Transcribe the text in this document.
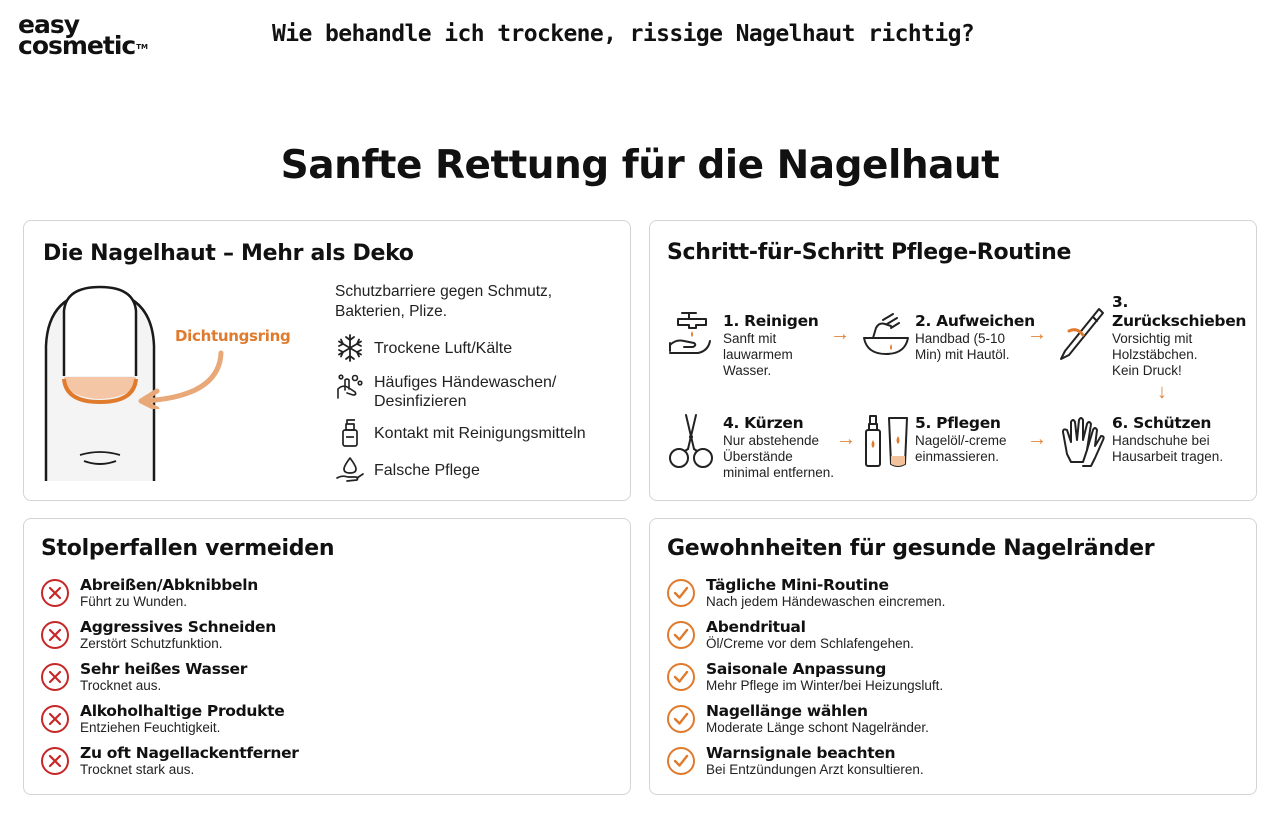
easy
cosmetic™	Wie behandle ich trockene, rissige Nagelhaut richtig?
Sanfte Rettung für die Nagelhaut
Die Nagelhaut – Mehr als Deko
Dichtungsring
Schutzbarriere gegen Schmutz, Bakterien, Plize.
Trockene Luft/Kälte
Häufiges Händewaschen/ Desinfizieren
Kontakt mit Reinigungsmitteln
Falsche Pflege
Schritt-für-Schritt Pflege-Routine
1. Reinigen
Sanft mit
lauwarmem
Wasser.
→
2. Aufweichen
Handbad (5-10
Min) mit Hautöl.
→
3.
Zurückschieben
Vorsichtig mit
Holzstäbchen.
Kein Druck!
↓
4. Kürzen
Nur abstehende
Überstände
minimal entfernen.
→
5. Pflegen
Nagelöl/-creme
einmassieren.
→
6. Schützen
Handschuhe bei
Hausarbeit tragen.
Stolperfallen vermeiden
Abreißen/Abknibbeln
Führt zu Wunden.
Aggressives Schneiden
Zerstört Schutzfunktion.
Sehr heißes Wasser
Trocknet aus.
Alkoholhaltige Produkte
Entziehen Feuchtigkeit.
Zu oft Nagellackentferner
Trocknet stark aus.
Gewohnheiten für gesunde Nagelränder
Tägliche Mini-Routine
Nach jedem Händewaschen eincremen.
Abendritual
Öl/Creme vor dem Schlafengehen.
Saisonale Anpassung
Mehr Pflege im Winter/bei Heizungsluft.
Nagellänge wählen
Moderate Länge schont Nagelränder.
Warnsignale beachten
Bei Entzündungen Arzt konsultieren.
